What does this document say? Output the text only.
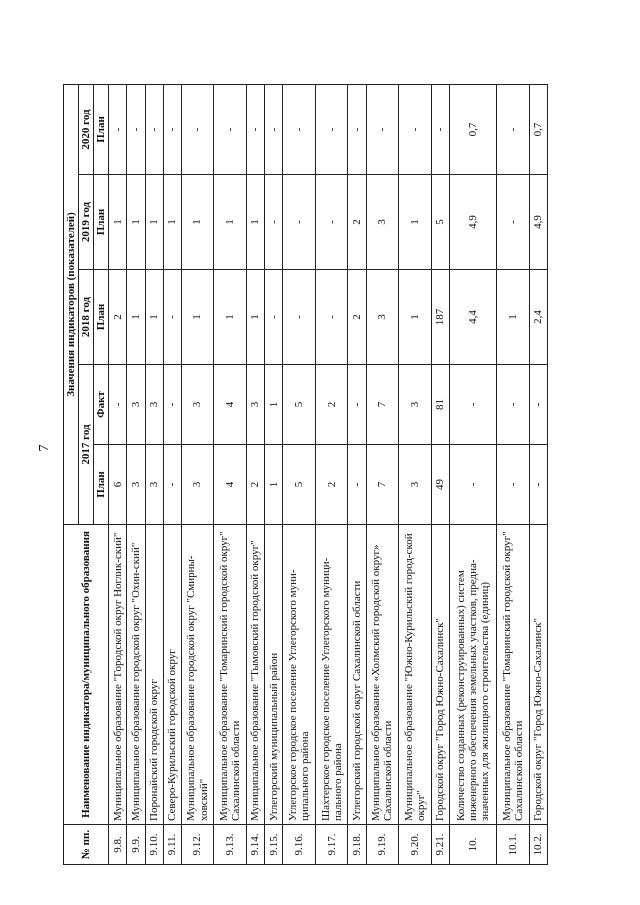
7
№ пп.	Наименование индикатора/муниципального образования	Значения индикаторов (показателей)				
		2017 год		2018 год	2019 год	2020 год
		План	Факт	План	План	План
9.8.	Муниципальное образование "Городской округ Ноглик-ский"	6	-	2	1	-
9.9.	Муниципальное образование городской округ "Охин-ский"	3	3	1	1	-
9.10.	Поронайский городской округ	3	3	1	1	-
9.11.	Северо-Курильский городской округ	-	-	-	1	-
9.12.	Муниципальное образование городской округ "Смирны-ховский"	3	3	1	1	-
9.13.	Муниципальное образование "Томаринский городской округ" Сахалинской области	4	4	1	1	-
9.14.	Муниципальное образование "Тымовский городской округ"	2	3	1	1	-
9.15.	Углегорский муниципальный район	1	1	-	-	-
9.16.	Углегорское городское поселение Углегорского муни-ципального района	5	5	-	-	-
9.17.	Шахтерское городское поселение Углегорского муници-пального района	2	2	-	-	-
9.18.	Углегорский городской округ Сахалинской области	-	-	2	2	-
9.19.	Муниципальное образование «Холмский городской округ» Сахалинской области	7	7	3	3	-
9.20.	Муниципальное образование "Южно-Курильский город-ской округ"	3	3	1	1	-
9.21.	Городской округ "Город Южно-Сахалинск"	49	81	187	5	-
10.	Количество созданных (реконструированных) систем инженерного обеспечения земельных участков, предна-значенных для жилищного строительства (единиц)	-	-	4,4	4,9	0,7
10.1.	Муниципальное образование "Томаринский городской округ" Сахалинской области	-	-	1	-	-
10.2.	Городской округ "Город Южно-Сахалинск"	-	-	2,4	4,9	0,7
